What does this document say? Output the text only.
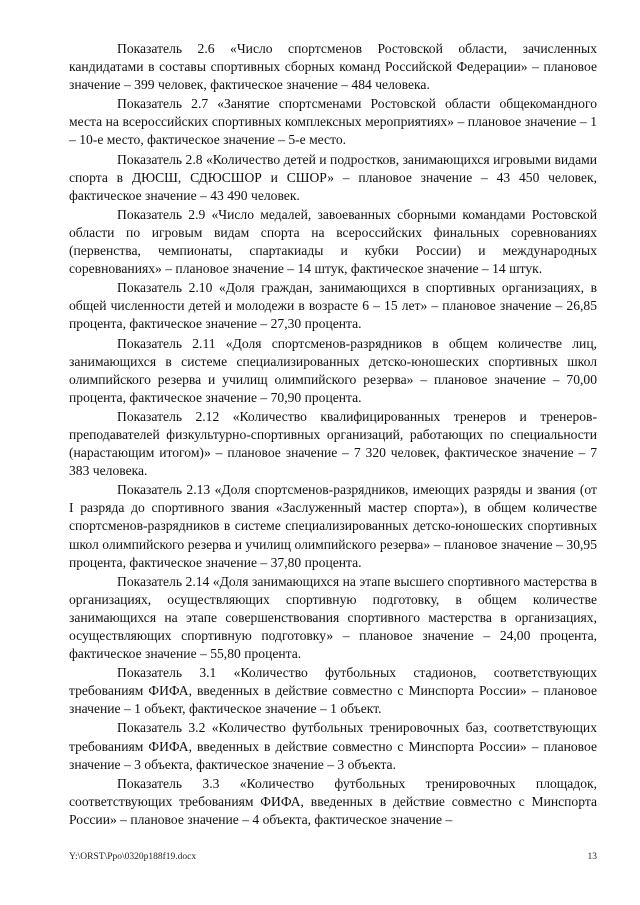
Показатель 2.6 «Число спортсменов Ростовской области, зачисленных кандидатами в составы спортивных сборных команд Российской Федерации» – плановое значение – 399 человек, фактическое значение – 484 человека.

Показатель 2.7 «Занятие спортсменами Ростовской области общекомандного места на всероссийских спортивных комплексных мероприятиях» – плановое значение – 1 – 10-е место, фактическое значение – 5-е место.

Показатель 2.8 «Количество детей и подростков, занимающихся игровыми видами спорта в ДЮСШ, СДЮСШОР и СШОР» – плановое значение – 43 450 человек, фактическое значение – 43 490 человек.

Показатель 2.9 «Число медалей, завоеванных сборными командами Ростовской области по игровым видам спорта на всероссийских финальных соревнованиях (первенства, чемпионаты, спартакиады и кубки России) и международных соревнованиях» – плановое значение – 14 штук, фактическое значение – 14 штук.

Показатель 2.10 «Доля граждан, занимающихся в спортивных организациях, в общей численности детей и молодежи в возрасте 6 – 15 лет» – плановое значение – 26,85 процента, фактическое значение – 27,30 процента.

Показатель 2.11 «Доля спортсменов-разрядников в общем количестве лиц, занимающихся в системе специализированных детско-юношеских спортивных школ олимпийского резерва и училищ олимпийского резерва» – плановое значение – 70,00 процента, фактическое значение – 70,90 процента.

Показатель 2.12 «Количество квалифицированных тренеров и тренеров-преподавателей физкультурно-спортивных организаций, работающих по специальности (нарастающим итогом)» – плановое значение – 7 320 человек, фактическое значение – 7 383 человека.

Показатель 2.13 «Доля спортсменов-разрядников, имеющих разряды и звания (от I разряда до спортивного звания «Заслуженный мастер спорта»), в общем количестве спортсменов-разрядников в системе специализированных детско-юношеских спортивных школ олимпийского резерва и училищ олимпийского резерва» – плановое значение – 30,95 процента, фактическое значение – 37,80 процента.

Показатель 2.14 «Доля занимающихся на этапе высшего спортивного мастерства в организациях, осуществляющих спортивную подготовку, в общем количестве занимающихся на этапе совершенствования спортивного мастерства в организациях, осуществляющих спортивную подготовку» – плановое значение – 24,00 процента, фактическое значение – 55,80 процента.

Показатель 3.1 «Количество футбольных стадионов, соответствующих требованиям ФИФА, введенных в действие совместно с Минспорта России» – плановое значение – 1 объект, фактическое значение – 1 объект.

Показатель 3.2 «Количество футбольных тренировочных баз, соответствующих требованиям ФИФА, введенных в действие совместно с Минспорта России» – плановое значение – 3 объекта, фактическое значение – 3 объекта.

Показатель 3.3 «Количество футбольных тренировочных площадок, соответствующих требованиям ФИФА, введенных в действие совместно с Минспорта России» – плановое значение – 4 объекта, фактическое значение –

Y:\ORST\Ppo\0320p188f19.docx	13
